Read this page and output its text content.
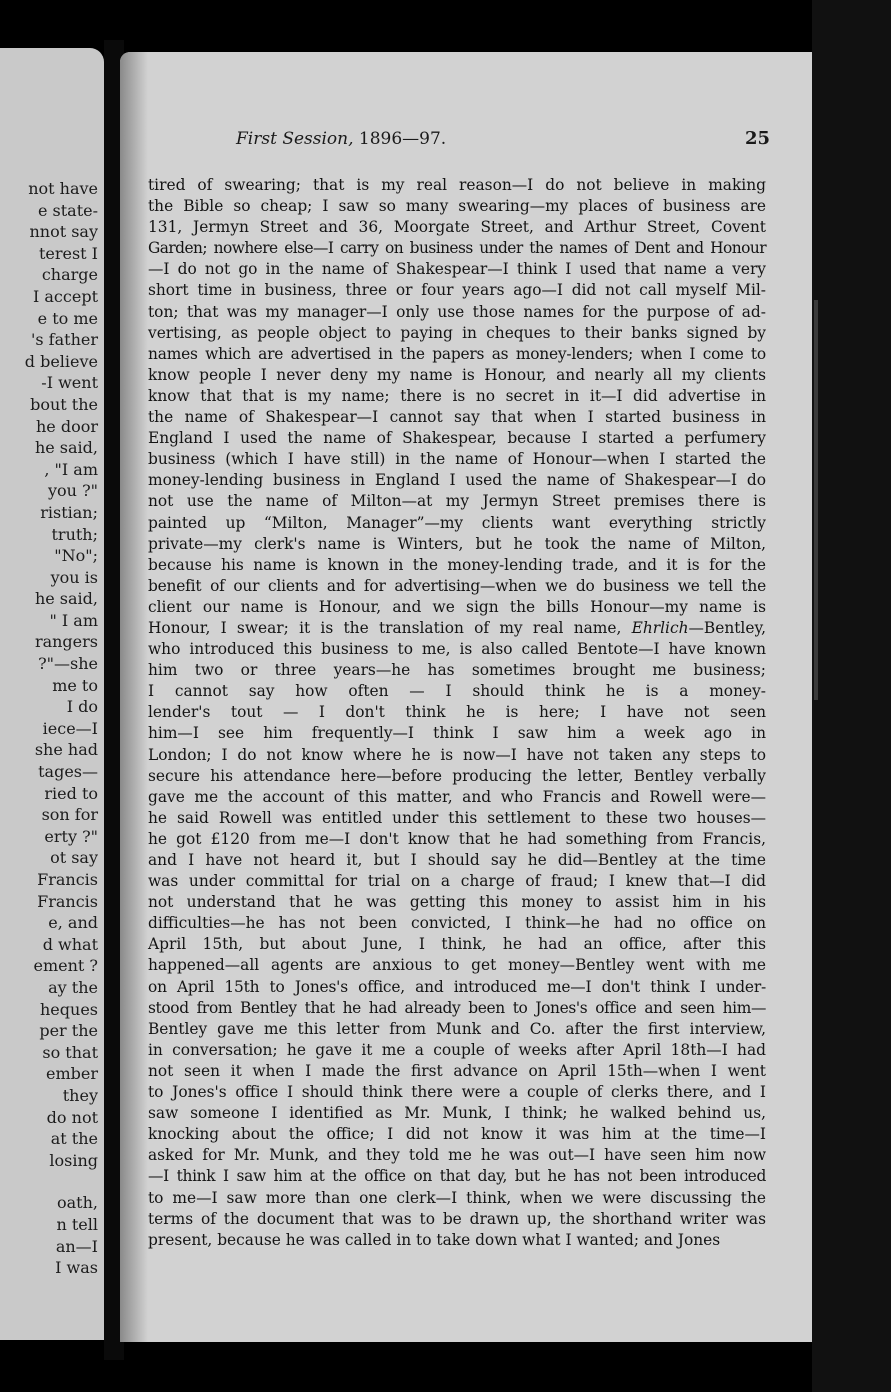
not have
e state-
nnot say
terest I
charge
I accept
e to me
's father
d believe
-I went
bout the
he door
he said,
, "I am
you ?"
ristian;
truth;
"No";
you is
he said,
" I am
rangers
?"—she
me to
I do
iece—I
she had
tages—
ried to
son for
erty ?"
ot say
Francis
Francis
e, and
d what
ement ?
ay the
heques
per the
so that
ember
they
do not
at the
losing
oath,
n tell
an—I
I was
First Session, 1896—97.	25
tired of swearing; that is my real reason—I do not believe in making
the Bible so cheap; I saw so many swearing—my places of business are
131, Jermyn Street and 36, Moorgate Street, and Arthur Street, Covent
Garden; nowhere else—I carry on business under the names of Dent and Honour
—I do not go in the name of Shakespear—I think I used that name a very
short time in business, three or four years ago—I did not call myself Mil-
ton; that was my manager—I only use those names for the purpose of ad-
vertising, as people object to paying in cheques to their banks signed by
names which are advertised in the papers as money-lenders; when I come to
know people I never deny my name is Honour, and nearly all my clients
know that that is my name; there is no secret in it—I did advertise in
the name of Shakespear—I cannot say that when I started business in
England I used the name of Shakespear, because I started a perfumery
business (which I have still) in the name of Honour—when I started the
money-lending business in England I used the name of Shakespear—I do
not use the name of Milton—at my Jermyn Street premises there is
painted up “Milton, Manager”—my clients want everything strictly
private—my clerk's name is Winters, but he took the name of Milton,
because his name is known in the money-lending trade, and it is for the
benefit of our clients and for advertising—when we do business we tell the
client our name is Honour, and we sign the bills Honour—my name is
Honour, I swear; it is the translation of my real name, Ehrlich—Bentley,
who introduced this business to me, is also called Bentote—I have known
him two or three years—he has sometimes brought me business;
I cannot say how often — I should think he is a money-
lender's tout — I don't think he is here; I have not seen
him—I see him frequently—I think I saw him a week ago in
London; I do not know where he is now—I have not taken any steps to
secure his attendance here—before producing the letter, Bentley verbally
gave me the account of this matter, and who Francis and Rowell were—
he said Rowell was entitled under this settlement to these two houses—
he got £120 from me—I don't know that he had something from Francis,
and I have not heard it, but I should say he did—Bentley at the time
was under committal for trial on a charge of fraud; I knew that—I did
not understand that he was getting this money to assist him in his
difficulties—he has not been convicted, I think—he had no office on
April 15th, but about June, I think, he had an office, after this
happened—all agents are anxious to get money—Bentley went with me
on April 15th to Jones's office, and introduced me—I don't think I under-
stood from Bentley that he had already been to Jones's office and seen him—
Bentley gave me this letter from Munk and Co. after the first interview,
in conversation; he gave it me a couple of weeks after April 18th—I had
not seen it when I made the first advance on April 15th—when I went
to Jones's office I should think there were a couple of clerks there, and I
saw someone I identified as Mr. Munk, I think; he walked behind us,
knocking about the office; I did not know it was him at the time—I
asked for Mr. Munk, and they told me he was out—I have seen him now
—I think I saw him at the office on that day, but he has not been introduced
to me—I saw more than one clerk—I think, when we were discussing the
terms of the document that was to be drawn up, the shorthand writer was
present, because he was called in to take down what I wanted; and Jones
